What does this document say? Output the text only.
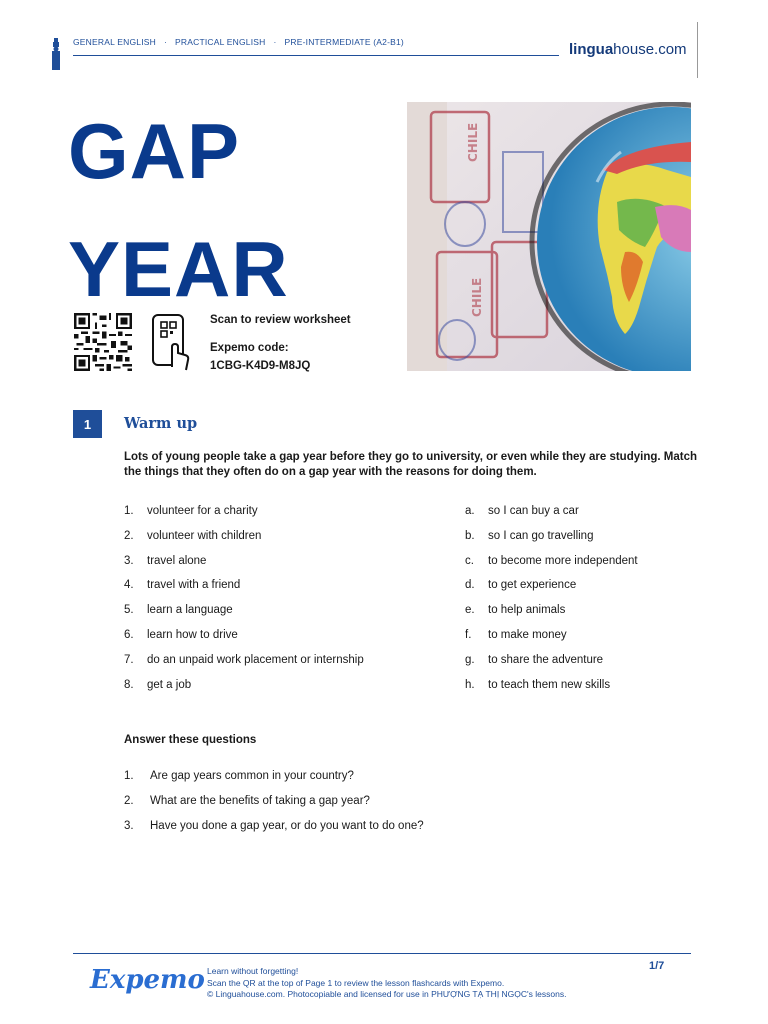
GENERAL ENGLISH · PRACTICAL ENGLISH · PRE-INTERMEDIATE (A2-B1)	linguahouse.com
GAP
YEAR
Scan to review worksheet
Expemo code:
1CBG-K4D9-M8JQ
CHILE
CHILE
1	Warm up
Lots of young people take a gap year before they go to university, or even while they are studying. Match the things that they often do on a gap year with the reasons for doing them.
1.	volunteer for a charity
2.	volunteer with children
3.	travel alone
4.	travel with a friend
5.	learn a language
6.	learn how to drive
7.	do an unpaid work placement or internship
8.	get a job
a.	so I can buy a car
b.	so I can go travelling
c.	to become more independent
d.	to get experience
e.	to help animals
f.	to make money
g.	to share the adventure
h.	to teach them new skills
Answer these questions
1.	Are gap years common in your country?
2.	What are the benefits of taking a gap year?
3.	Have you done a gap year, or do you want to do one?
Expemo Learn without forgetting!
Scan the QR at the top of Page 1 to review the lesson flashcards with Expemo.
© Linguahouse.com. Photocopiable and licensed for use in PHƯỢNG TẠ THỊ NGỌC's lessons.
1/7
